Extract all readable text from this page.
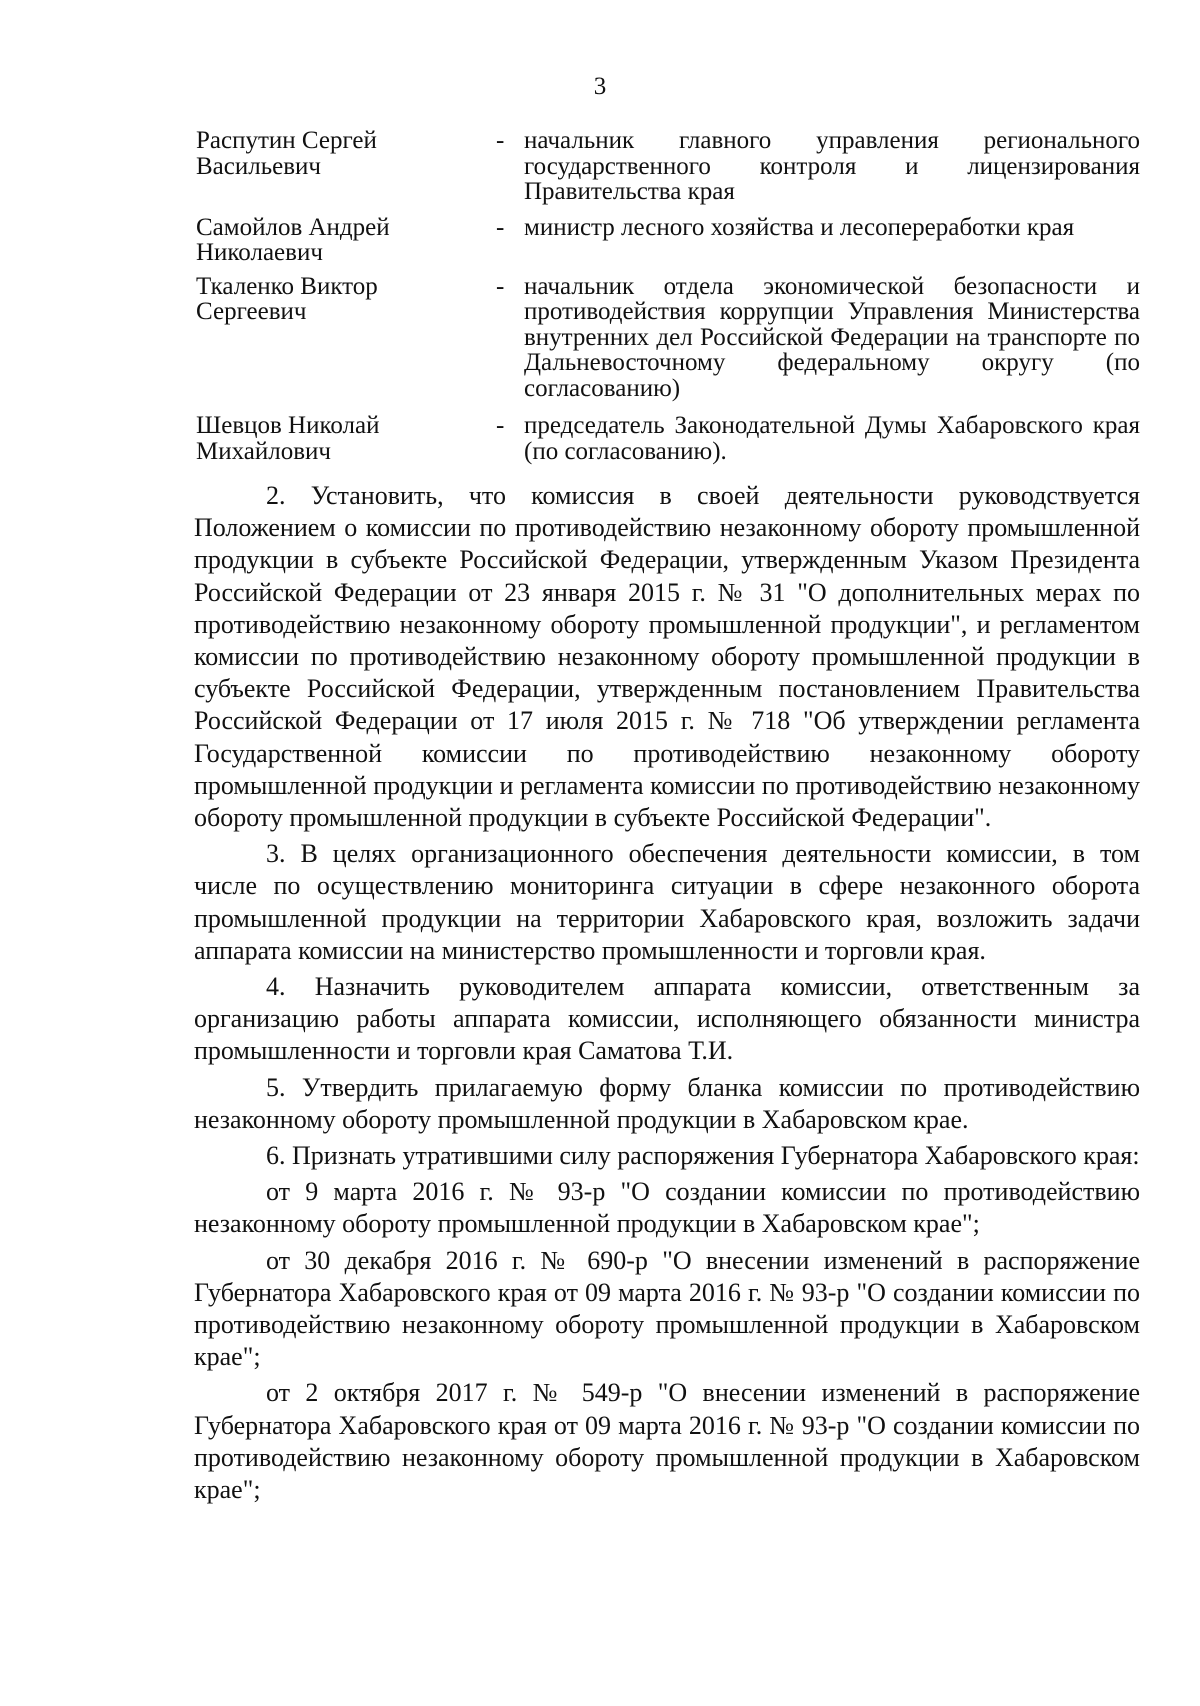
3
Распутин Сергей
Васильевич
- начальник главного управления регионального государственного контроля и лицензирования Правительства края
Самойлов Андрей
Николаевич
- министр лесного хозяйства и лесопереработки края
Ткаленко Виктор
Сергеевич
- начальник отдела экономической безопасности и противодействия коррупции Управления Министерства внутренних дел Российской Федерации на транспорте по Дальневосточному федеральному округу (по согласованию)
Шевцов Николай
Михайлович
- председатель Законодательной Думы Хабаровского края (по согласованию).

2. Установить, что комиссия в своей деятельности руководствуется Положением о комиссии по противодействию незаконному обороту промышленной продукции в субъекте Российской Федерации, утвержденным Указом Президента Российской Федерации от 23 января 2015 г. № 31 "О дополнительных мерах по противодействию незаконному обороту промышленной продукции", и регламентом комиссии по противодействию незаконному обороту промышленной продукции в субъекте Российской Федерации, утвержденным постановлением Правительства Российской Федерации от 17 июля 2015 г. № 718 "Об утверждении регламента Государственной комиссии по противодействию незаконному обороту промышленной продукции и регламента комиссии по противодействию незаконному обороту промышленной продукции в субъекте Российской Федерации".

3. В целях организационного обеспечения деятельности комиссии, в том числе по осуществлению мониторинга ситуации в сфере незаконного оборота промышленной продукции на территории Хабаровского края, возложить задачи аппарата комиссии на министерство промышленности и торговли края.

4. Назначить руководителем аппарата комиссии, ответственным за организацию работы аппарата комиссии, исполняющего обязанности министра промышленности и торговли края Саматова Т.И.

5. Утвердить прилагаемую форму бланка комиссии по противодействию незаконному обороту промышленной продукции в Хабаровском крае.

6. Признать утратившими силу распоряжения Губернатора Хабаровского края:

от 9 марта 2016 г. № 93-р "О создании комиссии по противодействию незаконному обороту промышленной продукции в Хабаровском крае";

от 30 декабря 2016 г. № 690-р "О внесении изменений в распоряжение Губернатора Хабаровского края от 09 марта 2016 г. № 93-р "О создании комиссии по противодействию незаконному обороту промышленной продукции в Хабаровском крае";

от 2 октября 2017 г. № 549-р "О внесении изменений в распоряжение Губернатора Хабаровского края от 09 марта 2016 г. № 93-р "О создании комиссии по противодействию незаконному обороту промышленной продукции в Хабаровском крае";
